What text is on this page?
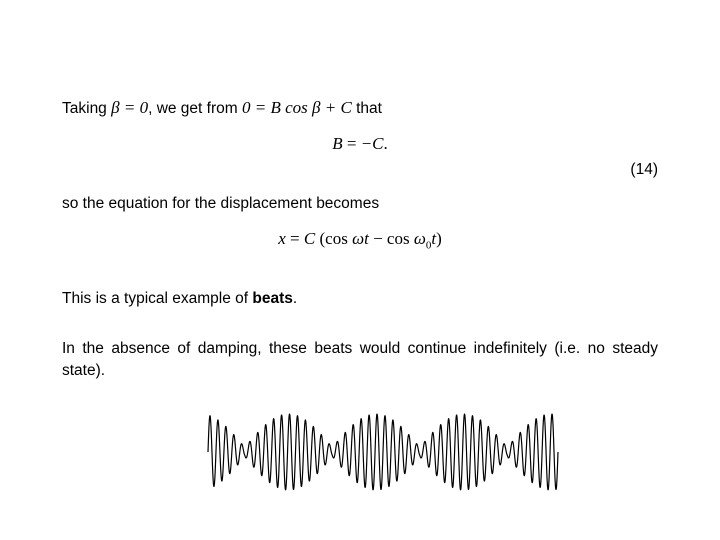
Taking β = 0, we get from 0 = B cos β + C that
B = −C.
(14)
so the equation for the displacement becomes
x = C (cos $\omega t - \cos \omega_0t$)
This is a typical example of beats.
In the absence of damping, these beats would continue indefinitely (i.e. no steady state).
